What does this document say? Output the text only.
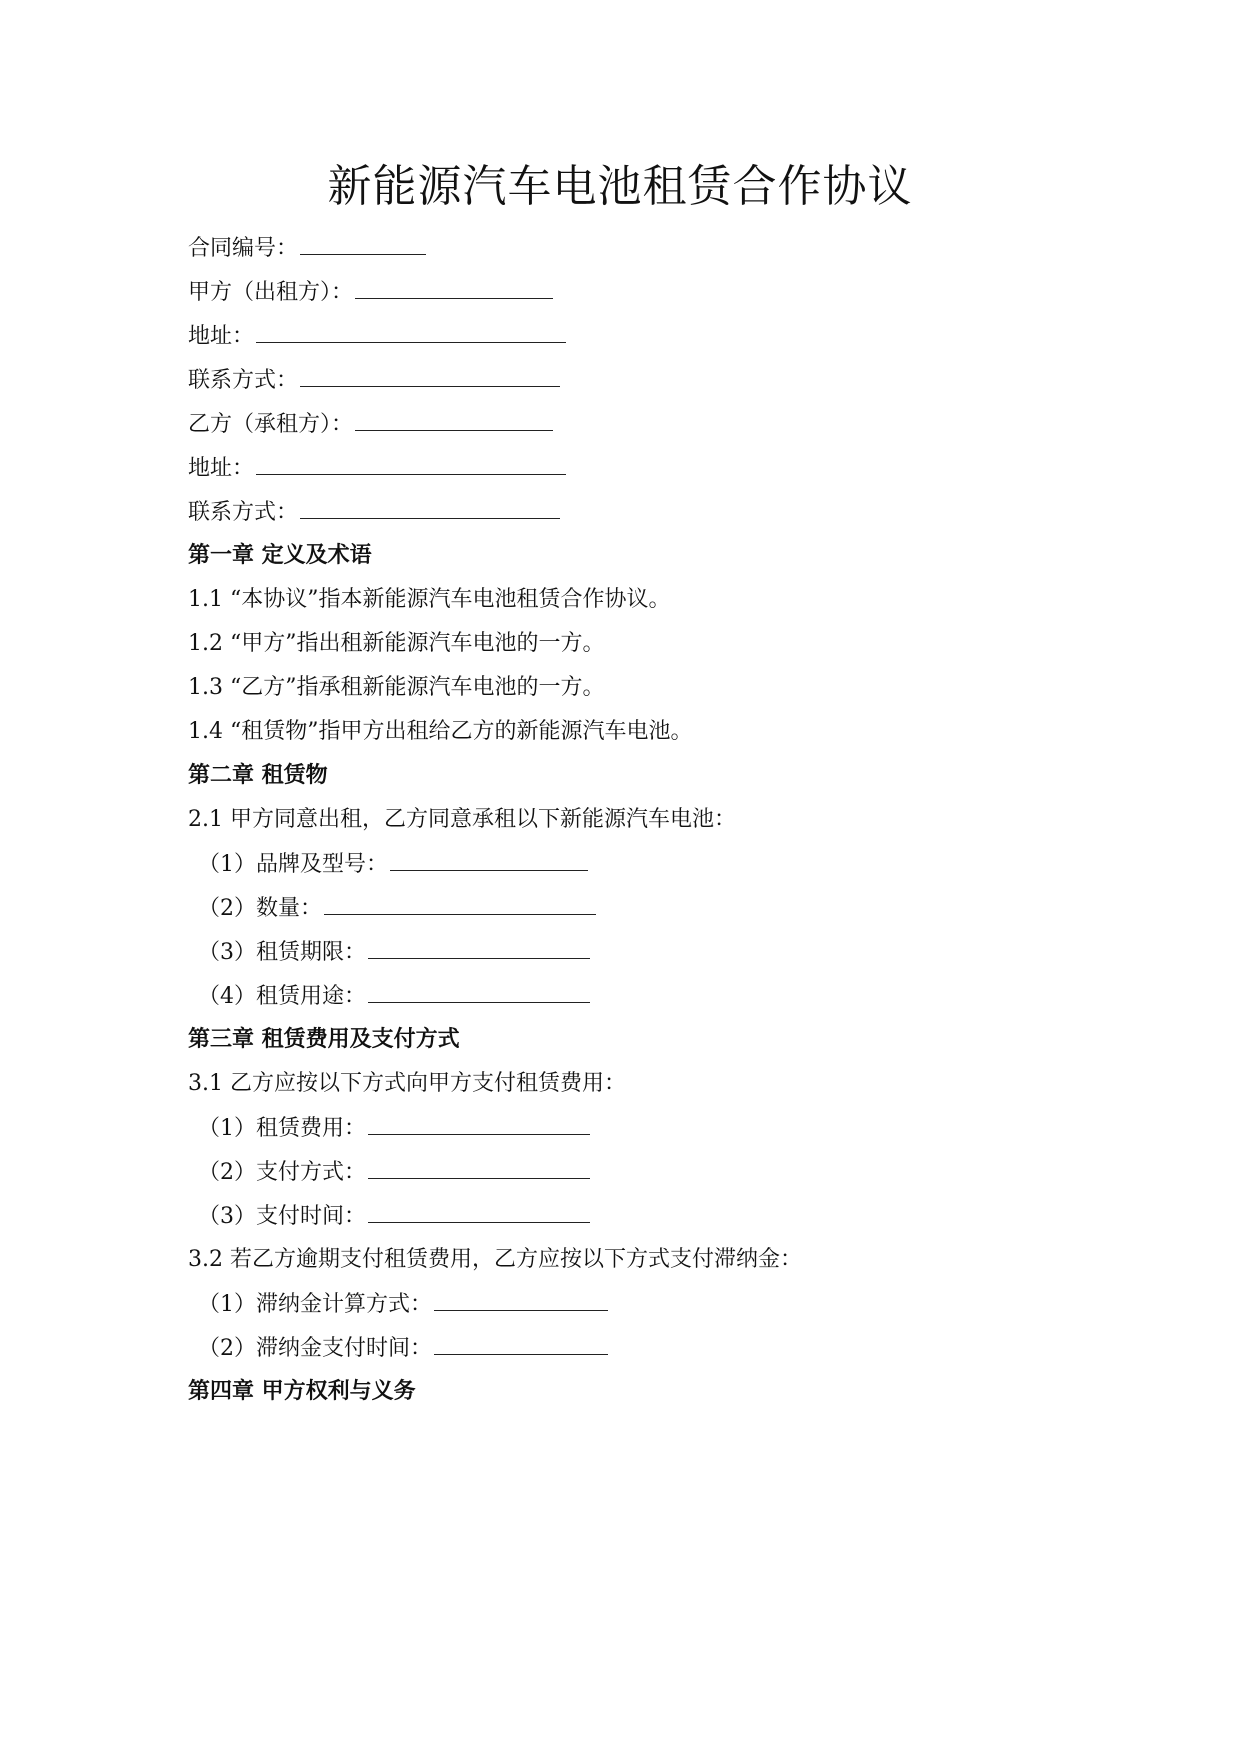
新能源汽车电池租赁合作协议
合同编号：
甲方（出租方）：
地址：
联系方式：
乙方（承租方）：
地址：
联系方式：
第一章 定义及术语
1.1 “本协议”指本新能源汽车电池租赁合作协议。
1.2 “甲方”指出租新能源汽车电池的一方。
1.3 “乙方”指承租新能源汽车电池的一方。
1.4 “租赁物”指甲方出租给乙方的新能源汽车电池。
第二章 租赁物
2.1 甲方同意出租，乙方同意承租以下新能源汽车电池：
（1）品牌及型号：
（2）数量：
（3）租赁期限：
（4）租赁用途：
第三章 租赁费用及支付方式
3.1 乙方应按以下方式向甲方支付租赁费用：
（1）租赁费用：
（2）支付方式：
（3）支付时间：
3.2 若乙方逾期支付租赁费用，乙方应按以下方式支付滞纳金：
（1）滞纳金计算方式：
（2）滞纳金支付时间：
第四章 甲方权利与义务
